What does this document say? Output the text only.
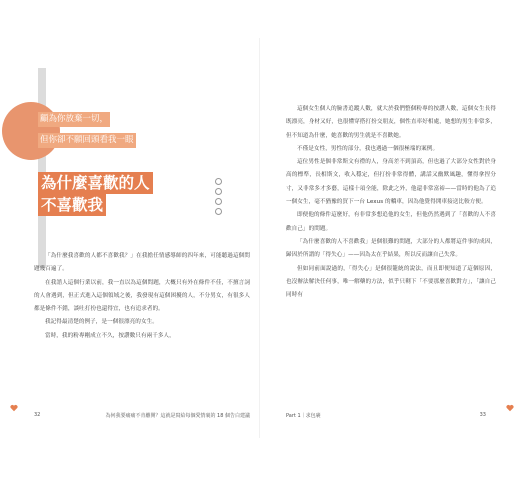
顧為你放棄一切，
但你卻不願回頭看我一眼
為什麼喜歡的人
不喜歡我

「為什麼我喜歡的人都不喜歡我？」在我擔任情感導師的四年來，可能聽過這個問題幾百遍了。

在我諮人這個行業以前，我一直以為這個問題，大概只有外在條件不佳，不擅言詞的人會遇到，但正式進入這個領域之後，我發現有這個困擾的人，不分男女，有很多人都是條件不錯，談吐打扮也還得宜，也有追求者的。

我記得最清楚的例子，是一個很漂亮的女生。

當時，我的粉專剛成立不久，按讚數只有兩千多人，

這個女生個人的臉書追蹤人數，就大於我們整個粉專的按讚人數，這個女生長得既漂亮，身材又好，也很懂穿搭打扮交朋友，個性直率好相處，她想的男生非常多，但不知道為什麼，她喜歡的男生就是不喜歡她。

不僅是女性，男性的部分，我也遇過一個很極端的案例。

這位男性是個非常斯文有禮的人，身高差不到頂高，但也過了大部分女性對於身高的標準，長相斯文，收入穩定，但打扮非常得體，講話又幽默風趣，懂得拿捏分寸，又非常多才多藝，這樣十項全能，除此之外，他還非常富裕——當時的他為了追一個女生，毫不猶豫的買下一台 Lexus 的轎車，因為他覺得開車接送比較方便。

即便他的條件這麼好，有非常多想追他的女生，但他仍然遇到了「喜歡的人不喜歡自己」的問題。

「為什麼喜歡的人不喜歡我」是個很難的問題，大部分的人都將這件事的成因，歸因於所謂的「得失心」——因為太在乎結果，所以反而讓自己失常。

但如同前面說過的，「得失心」是個很籠統的說法，而且即便知道了這個原因，也沒辦法解決任何事，唯一解藥的方法，似乎只剩下「不要那麼喜歡對方」，「讓自己同時有

32	為何我要痛痛不肯離開？這就是寫給每個愛情裏的 18 個告白建議	Part 1｜求包裹	33
